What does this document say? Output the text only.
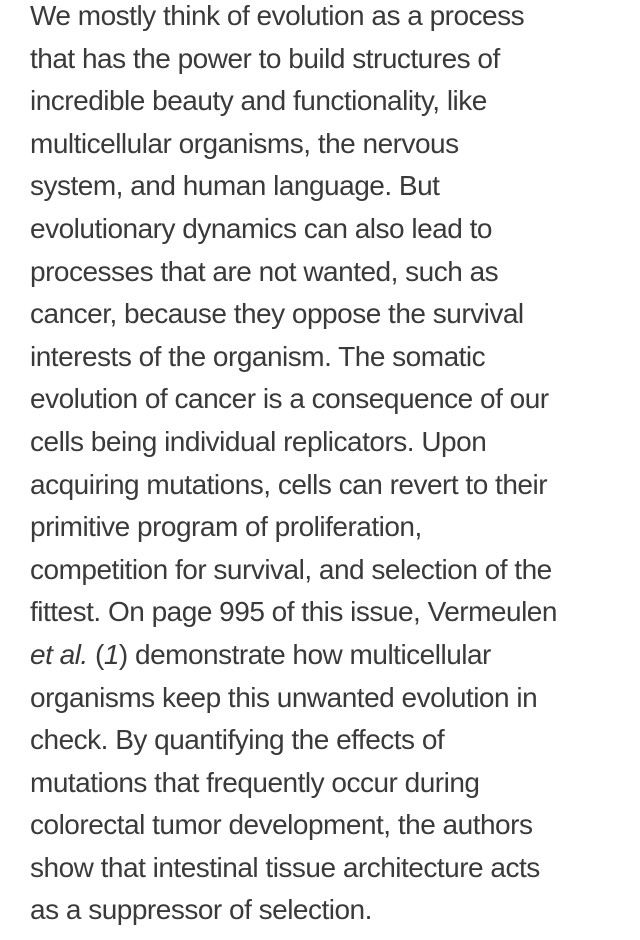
We mostly think of evolution as a process
that has the power to build structures of
incredible beauty and functionality, like
multicellular organisms, the nervous
system, and human language. But
evolutionary dynamics can also lead to
processes that are not wanted, such as
cancer, because they oppose the survival
interests of the organism. The somatic
evolution of cancer is a consequence of our
cells being individual replicators. Upon
acquiring mutations, cells can revert to their
primitive program of proliferation,
competition for survival, and selection of the
fittest. On page 995 of this issue, Vermeulen
et al. (1) demonstrate how multicellular
organisms keep this unwanted evolution in
check. By quantifying the effects of
mutations that frequently occur during
colorectal tumor development, the authors
show that intestinal tissue architecture acts
as a suppressor of selection.
